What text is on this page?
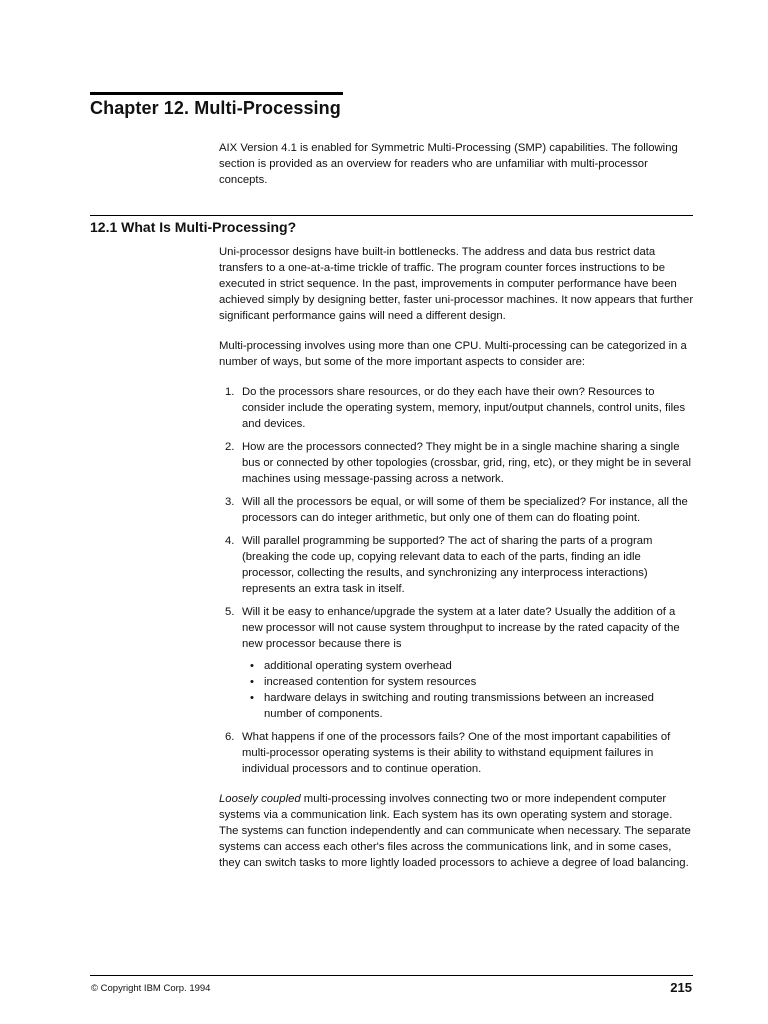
Chapter 12. Multi-Processing

AIX Version 4.1 is enabled for Symmetric Multi-Processing (SMP) capabilities. The following section is provided as an overview for readers who are unfamiliar with multi-processor concepts.

12.1 What Is Multi-Processing?

Uni-processor designs have built-in bottlenecks. The address and data bus restrict data transfers to a one-at-a-time trickle of traffic. The program counter forces instructions to be executed in strict sequence. In the past, improvements in computer performance have been achieved simply by designing better, faster uni-processor machines. It now appears that further significant performance gains will need a different design.

Multi-processing involves using more than one CPU. Multi-processing can be categorized in a number of ways, but some of the more important aspects to consider are:

1. Do the processors share resources, or do they each have their own? Resources to consider include the operating system, memory, input/output channels, control units, files and devices.
2. How are the processors connected? They might be in a single machine sharing a single bus or connected by other topologies (crossbar, grid, ring, etc), or they might be in several machines using message-passing across a network.
3. Will all the processors be equal, or will some of them be specialized? For instance, all the processors can do integer arithmetic, but only one of them can do floating point.
4. Will parallel programming be supported? The act of sharing the parts of a program (breaking the code up, copying relevant data to each of the parts, finding an idle processor, collecting the results, and synchronizing any interprocess interactions) represents an extra task in itself.
5. Will it be easy to enhance/upgrade the system at a later date? Usually the addition of a new processor will not cause system throughput to increase by the rated capacity of the new processor because there is
• additional operating system overhead
• increased contention for system resources
• hardware delays in switching and routing transmissions between an increased number of components.
6. What happens if one of the processors fails? One of the most important capabilities of multi-processor operating systems is their ability to withstand equipment failures in individual processors and to continue operation.

Loosely coupled multi-processing involves connecting two or more independent computer systems via a communication link. Each system has its own operating system and storage. The systems can function independently and can communicate when necessary. The separate systems can access each other's files across the communications link, and in some cases, they can switch tasks to more lightly loaded processors to achieve a degree of load balancing.

© Copyright IBM Corp. 1994	215
